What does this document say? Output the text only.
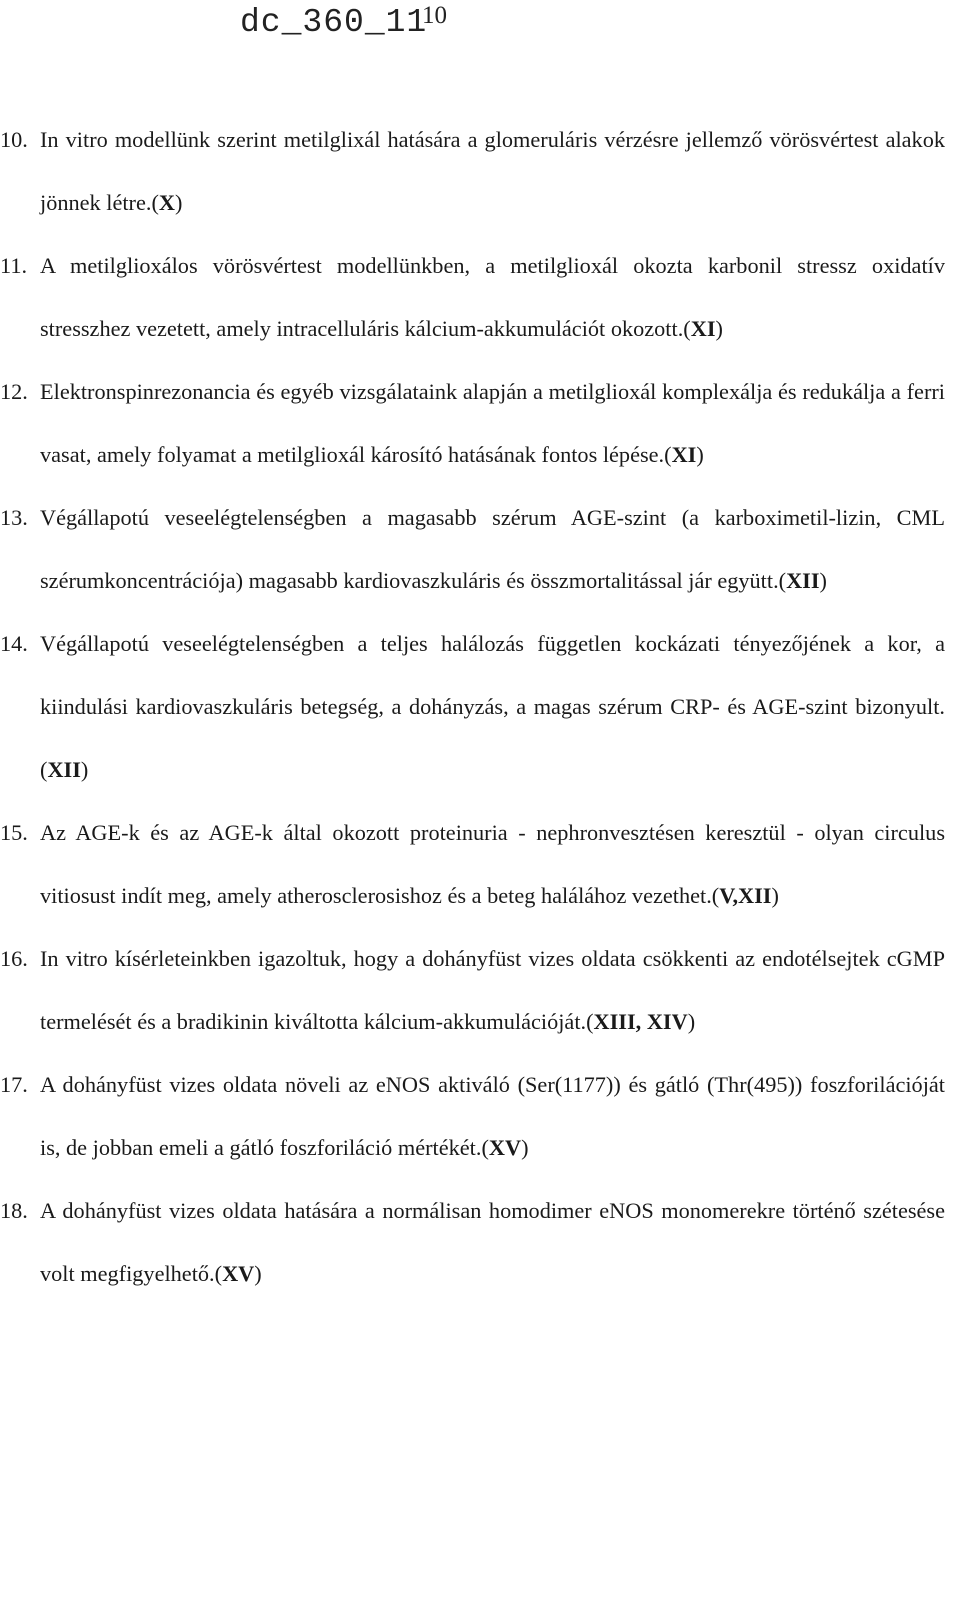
dc_360_11
10
10. In vitro modellünk szerint metilglixál hatására a glomeruláris vérzésre jellemző vörösvértest alakok jönnek létre.(X)
11. A metilglioxálos vörösvértest modellünkben, a metilglioxál okozta karbonil stressz oxidatív stresszhez vezetett, amely intracelluláris kálcium-akkumulációt okozott.(XI)
12. Elektronspinrezonancia és egyéb vizsgálataink alapján a metilglioxál komplexálja és redukálja a ferri vasat, amely folyamat a metilglioxál károsító hatásának fontos lépése.(XI)
13. Végállapotú veseelégtelenségben a magasabb szérum AGE-szint (a karboximetil-lizin, CML szérumkoncentrációja) magasabb kardiovaszkuláris és összmortalitással jár együtt.(XII)
14. Végállapotú veseelégtelenségben a teljes halálozás független kockázati tényezőjének a kor, a kiindulási kardiovaszkuláris betegség, a dohányzás, a magas szérum CRP- és AGE-szint bizonyult.(XII)
15. Az AGE-k és az AGE-k által okozott proteinuria - nephronvesztésen keresztül - olyan circulus vitiosust indít meg, amely atherosclerosishoz és a beteg halálához vezethet.(V,XII)
16. In vitro kísérleteinkben igazoltuk, hogy a dohányfüst vizes oldata csökkenti az endotélsejtek cGMP termelését és a bradikinin kiváltotta kálcium-akkumulációját.(XIII, XIV)
17. A dohányfüst vizes oldata növeli az eNOS aktiváló (Ser(1177)) és gátló (Thr(495)) foszforilációját is, de jobban emeli a gátló foszforiláció mértékét.(XV)
18. A dohányfüst vizes oldata hatására a normálisan homodimer eNOS monomerekre történő szétesése volt megfigyelhető.(XV)
